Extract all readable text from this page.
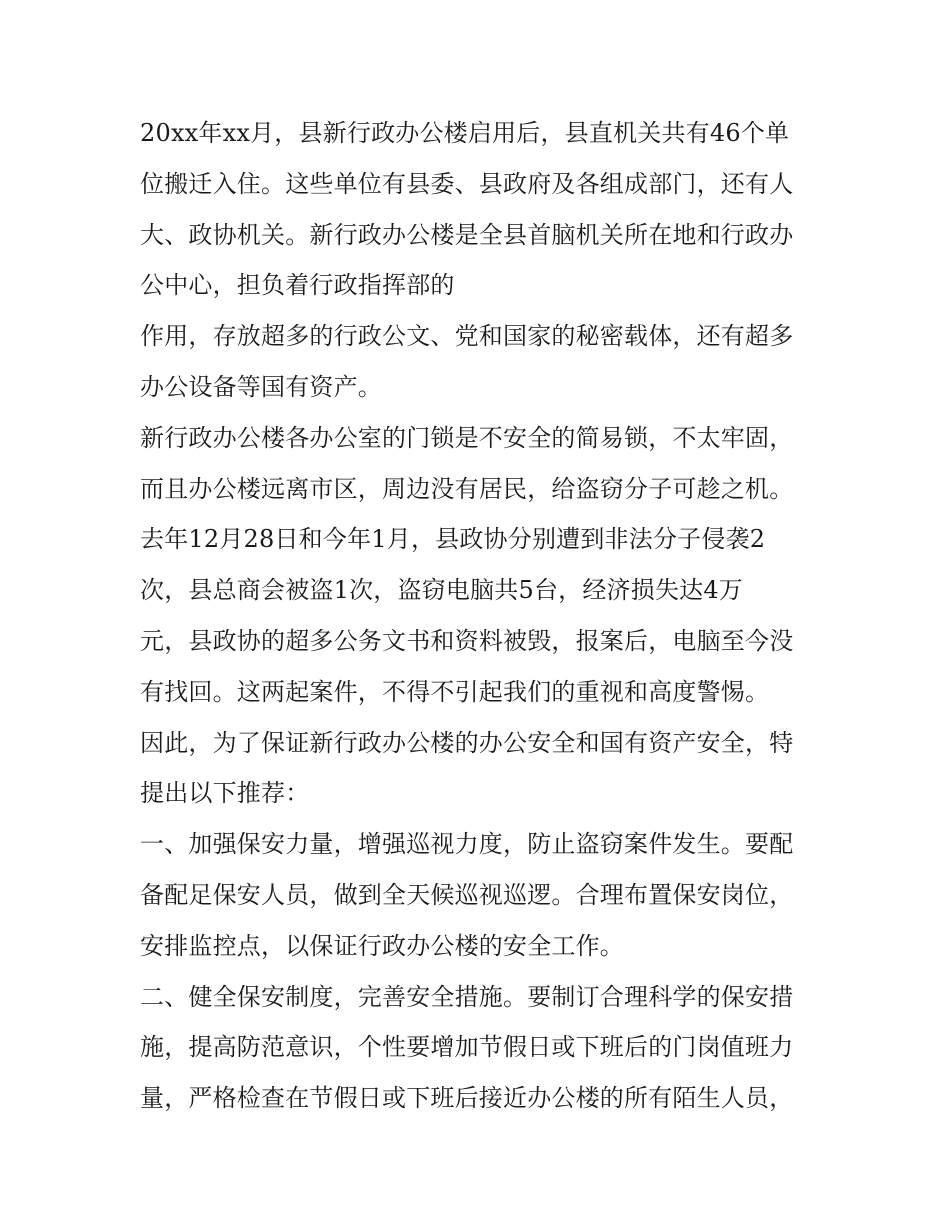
20xx年xx月，县新行政办公楼启用后，县直机关共有46个单
位搬迁入住。这些单位有县委、县政府及各组成部门，还有人
大、政协机关。新行政办公楼是全县首脑机关所在地和行政办
公中心，担负着行政指挥部的
作用，存放超多的行政公文、党和国家的秘密载体，还有超多
办公设备等国有资产。
新行政办公楼各办公室的门锁是不安全的简易锁，不太牢固，
而且办公楼远离市区，周边没有居民，给盗窃分子可趁之机。
去年12月28日和今年1月，县政协分别遭到非法分子侵袭2
次，县总商会被盗1次，盗窃电脑共5台，经济损失达4万
元，县政协的超多公务文书和资料被毁，报案后，电脑至今没
有找回。这两起案件，不得不引起我们的重视和高度警惕。
因此，为了保证新行政办公楼的办公安全和国有资产安全，特
提出以下推荐：
一、加强保安力量，增强巡视力度，防止盗窃案件发生。要配
备配足保安人员，做到全天候巡视巡逻。合理布置保安岗位，
安排监控点，以保证行政办公楼的安全工作。
二、健全保安制度，完善安全措施。要制订合理科学的保安措
施，提高防范意识，个性要增加节假日或下班后的门岗值班力
量，严格检查在节假日或下班后接近办公楼的所有陌生人员，
